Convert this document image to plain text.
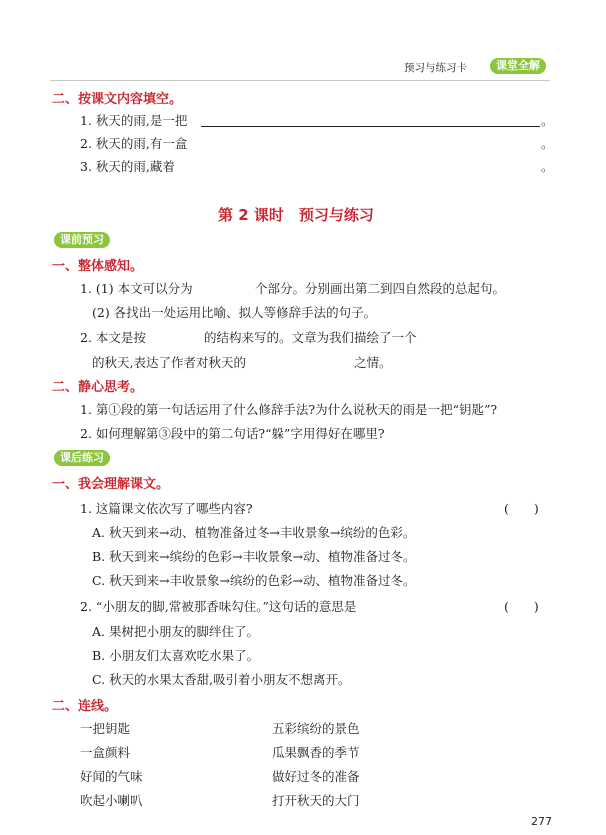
预习与练习卡	课堂全解
二、按课文内容填空。
1. 秋天的雨,是一把	。
2. 秋天的雨,有一盒	。
3. 秋天的雨,藏着	。
第 2 课时　预习与练习
课前预习
一、整体感知。
1. (1) 本文可以分为	个部分。分别画出第二到四自然段的总起句。
(2) 各找出一处运用比喻、拟人等修辞手法的句子。
2. 本文是按	的结构来写的。文章为我们描绘了一个
的秋天,表达了作者对秋天的	之情。
二、静心思考。
1. 第①段的第一句话运用了什么修辞手法?为什么说秋天的雨是一把“钥匙”?
2. 如何理解第③段中的第二句话?“躲”字用得好在哪里?
课后练习
一、我会理解课文。
1. 这篇课文依次写了哪些内容?	(　　)
A. 秋天到来→动、植物准备过冬→丰收景象→缤纷的色彩。
B. 秋天到来→缤纷的色彩→丰收景象→动、植物准备过冬。
C. 秋天到来→丰收景象→缤纷的色彩→动、植物准备过冬。
2. “小朋友的脚,常被那香味勾住。”这句话的意思是	(　　)
A. 果树把小朋友的脚绊住了。
B. 小朋友们太喜欢吃水果了。
C. 秋天的水果太香甜,吸引着小朋友不想离开。
二、连线。
一把钥匙
一盒颜料
好闻的气味
吹起小喇叭
五彩缤纷的景色
瓜果飘香的季节
做好过冬的准备
打开秋天的大门
277
